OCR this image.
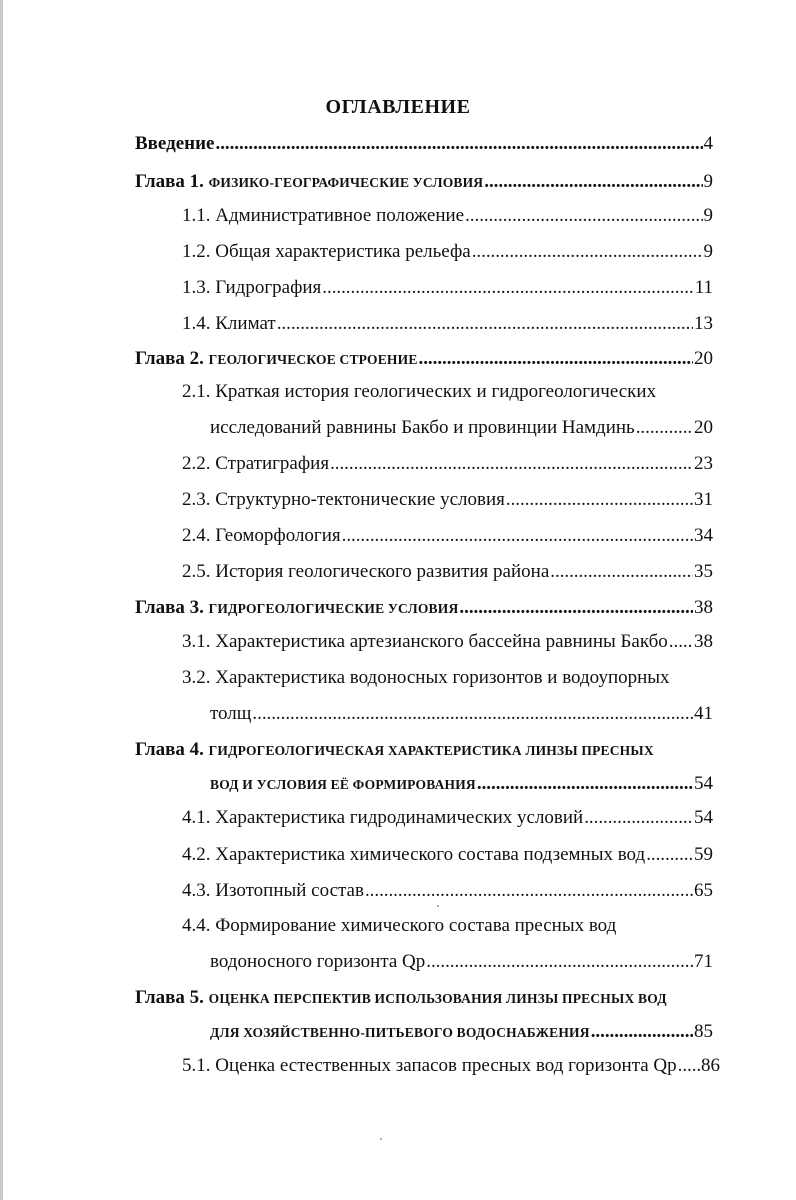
ОГЛАВЛЕНИЕ
Введение . . .	4
Глава 1. ФИЗИКО-ГЕОГРАФИЧЕСКИЕ УСЛОВИЯ . . .	9
1.1. Административное положение . . .	9
1.2. Общая характеристика рельефа . . .	9
1.3. Гидрография . . .	11
1.4. Климат . . .	13
Глава 2. ГЕОЛОГИЧЕСКОЕ СТРОЕНИЕ . . .	20
2.1. Краткая история геологических и гидрогеологических
исследований равнины Бакбо и провинции Намдинь . . .	20
2.2. Стратиграфия . . .	23
2.3. Структурно-тектонические условия . . .	31
2.4. Геоморфология . . .	34
2.5. История геологического развития района . . .	35
Глава 3. ГИДРОГЕОЛОГИЧЕСКИЕ УСЛОВИЯ . . .	38
3.1. Характеристика артезианского бассейна равнины Бакбо . . . 38
3.2. Характеристика водоносных горизонтов и водоупорных
толщ . . .	41
Глава 4. ГИДРОГЕОЛОГИЧЕСКАЯ ХАРАКТЕРИСТИКА ЛИНЗЫ ПРЕСНЫХ
ВОД И УСЛОВИЯ ЕЁ ФОРМИРОВАНИЯ . . .	54
4.1. Характеристика гидродинамических условий . . .	54
4.2. Характеристика химического состава подземных вод . . .	59
4.3. Изотопный состав . . .	65
4.4. Формирование химического состава пресных вод
водоносного горизонта Qp . . .	71
Глава 5. ОЦЕНКА ПЕРСПЕКТИВ ИСПОЛЬЗОВАНИЯ ЛИНЗЫ ПРЕСНЫХ ВОД
ДЛЯ ХОЗЯЙСТВЕННО-ПИТЬЕВОГО ВОДОСНАБЖЕНИЯ . . .	85
5.1. Оценка естественных запасов пресных вод горизонта Qp . . . 86
